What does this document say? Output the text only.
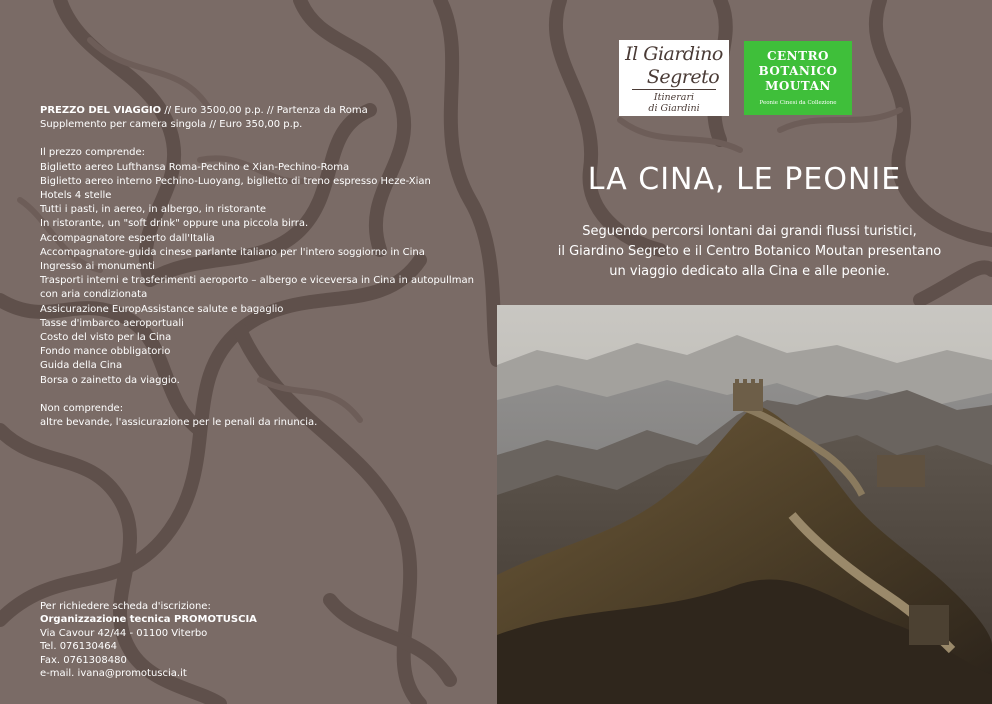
PREZZO DEL VIAGGIO // Euro 3500,00 p.p. // Partenza da Roma

Supplemento per camera singola // Euro 350,00 p.p.

Il prezzo comprende:

Biglietto aereo Lufthansa Roma-Pechino e Xian-Pechino-Roma

Biglietto aereo interno Pechino-Luoyang, biglietto di treno espresso Heze-Xian

Hotels 4 stelle

Tutti i pasti, in aereo, in albergo, in ristorante

In ristorante, un "soft drink" oppure una piccola birra.

Accompagnatore esperto dall'Italia

Accompagnatore-guida cinese parlante italiano per l'intero soggiorno in Cina

Ingresso ai monumenti

Trasporti interni e trasferimenti aeroporto – albergo e viceversa in Cina in autopullman con aria condizionata

Assicurazione EuropAssistance salute e bagaglio

Tasse d'imbarco aeroportuali

Costo del visto per la Cina

Fondo mance obbligatorio

Guida della Cina

Borsa o zainetto da viaggio.

Non comprende:

altre bevande, l'assicurazione per le penali da rinuncia.

Per richiedere scheda d'iscrizione:

Organizzazione tecnica PROMOTUSCIA

Via Cavour 42/44 - 01100 Viterbo

Tel. 076130464

Fax. 0761308480

e-mail. ivana@promotuscia.it

Il Giardino
Segreto
Itinerari
di Giardini
CENTRO
BOTANICO
MOUTAN
Peonie Cinesi da Collezione
LA CINA, LE PEONIE
Seguendo percorsi lontani dai grandi flussi turistici,
il Giardino Segreto e il Centro Botanico Moutan presentano
un viaggio dedicato alla Cina e alle peonie.
